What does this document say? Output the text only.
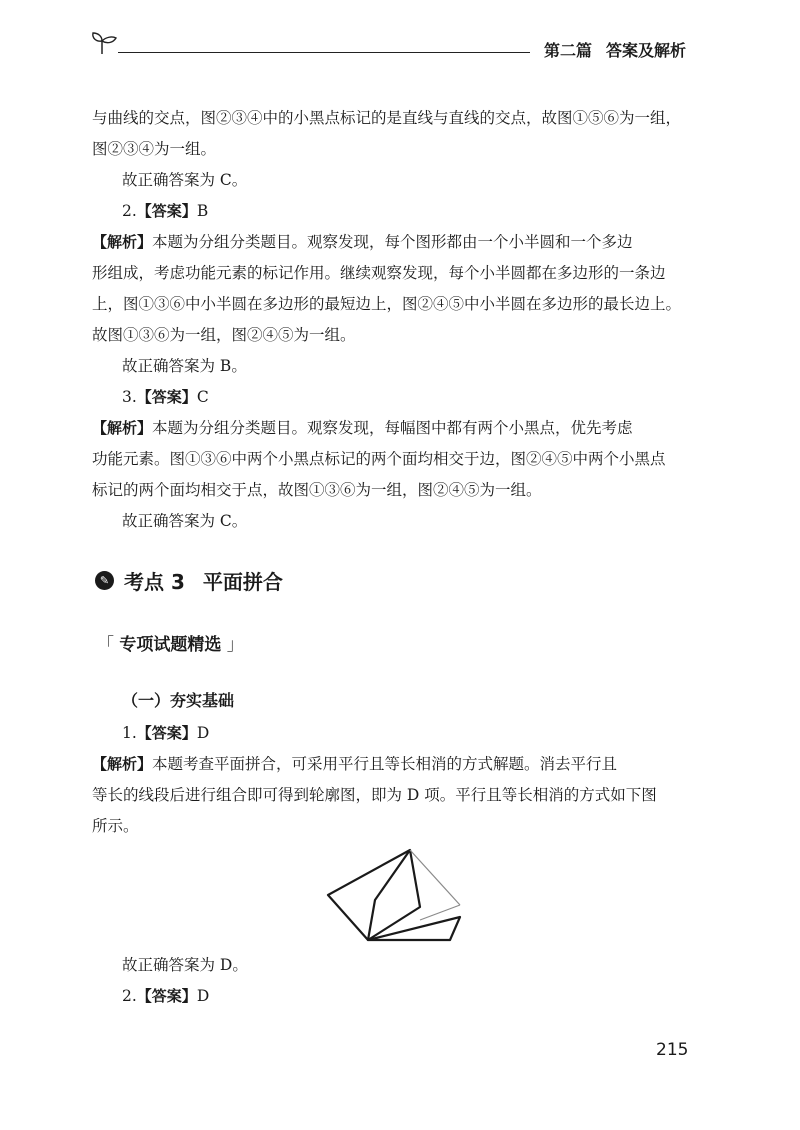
第二篇 答案及解析

与曲线的交点，图②③④中的小黑点标记的是直线与直线的交点，故图①⑤⑥为一组，

图②③④为一组。

故正确答案为 C。

2.【答案】B

【解析】本题为分组分类题目。观察发现，每个图形都由一个小半圆和一个多边

形组成，考虑功能元素的标记作用。继续观察发现，每个小半圆都在多边形的一条边

上，图①③⑥中小半圆在多边形的最短边上，图②④⑤中小半圆在多边形的最长边上。

故图①③⑥为一组，图②④⑤为一组。

故正确答案为 B。

3.【答案】C

【解析】本题为分组分类题目。观察发现，每幅图中都有两个小黑点，优先考虑

功能元素。图①③⑥中两个小黑点标记的两个面均相交于边，图②④⑤中两个小黑点

标记的两个面均相交于点，故图①③⑥为一组，图②④⑤为一组。

故正确答案为 C。

✎ 考点 3 平面拼合
「 专项试题精选 」
（一）夯实基础

1.【答案】D

【解析】本题考查平面拼合，可采用平行且等长相消的方式解题。消去平行且

等长的线段后进行组合即可得到轮廓图，即为 D 项。平行且等长相消的方式如下图

所示。

故正确答案为 D。

2.【答案】D

215
